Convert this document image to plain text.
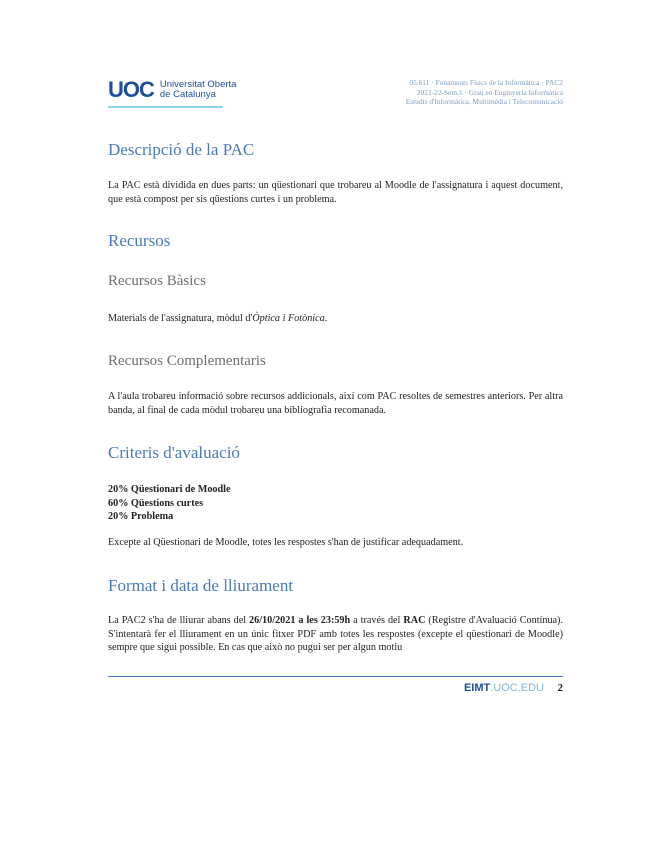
UOC Universitat Oberta
de Catalunya
05.611 · Fonaments Físics de la Informàtica · PAC2
2021-22-Sem.1 · Grau en Enginyeria Informàtica
Estudis d'Informàtica, Multimèdia i Telecomunicació
Descripció de la PAC

La PAC està dividida en dues parts: un qüestionari que trobareu al Moodle de l'assignatura i aquest document, que està compost per sis qüestions curtes i un problema.

Recursos
Recursos Bàsics

Materials de l'assignatura, mòdul d'Òptica i Fotònica.

Recursos Complementaris

A l'aula trobareu informació sobre recursos addicionals, així com PAC resoltes de semestres anteriors. Per altra banda, al final de cada mòdul trobareu una bibliografia recomanada.

Criteris d'avaluació
20% Qüestionari de Moodle
60% Qüestions curtes
20% Problema

Excepte al Qüestionari de Moodle, totes les respostes s'han de justificar adequadament.

Format i data de lliurament

La PAC2 s'ha de lliurar abans del 26/10/2021 a les 23:59h a través del RAC (Registre d'Avaluació Contínua). S'intentarà fer el lliurament en un únic fitxer PDF amb totes les respostes (excepte el qüestionari de Moodle) sempre que sigui possible. En cas que això no pugui ser per algun motiu

EIMT.UOC.EDU 2
